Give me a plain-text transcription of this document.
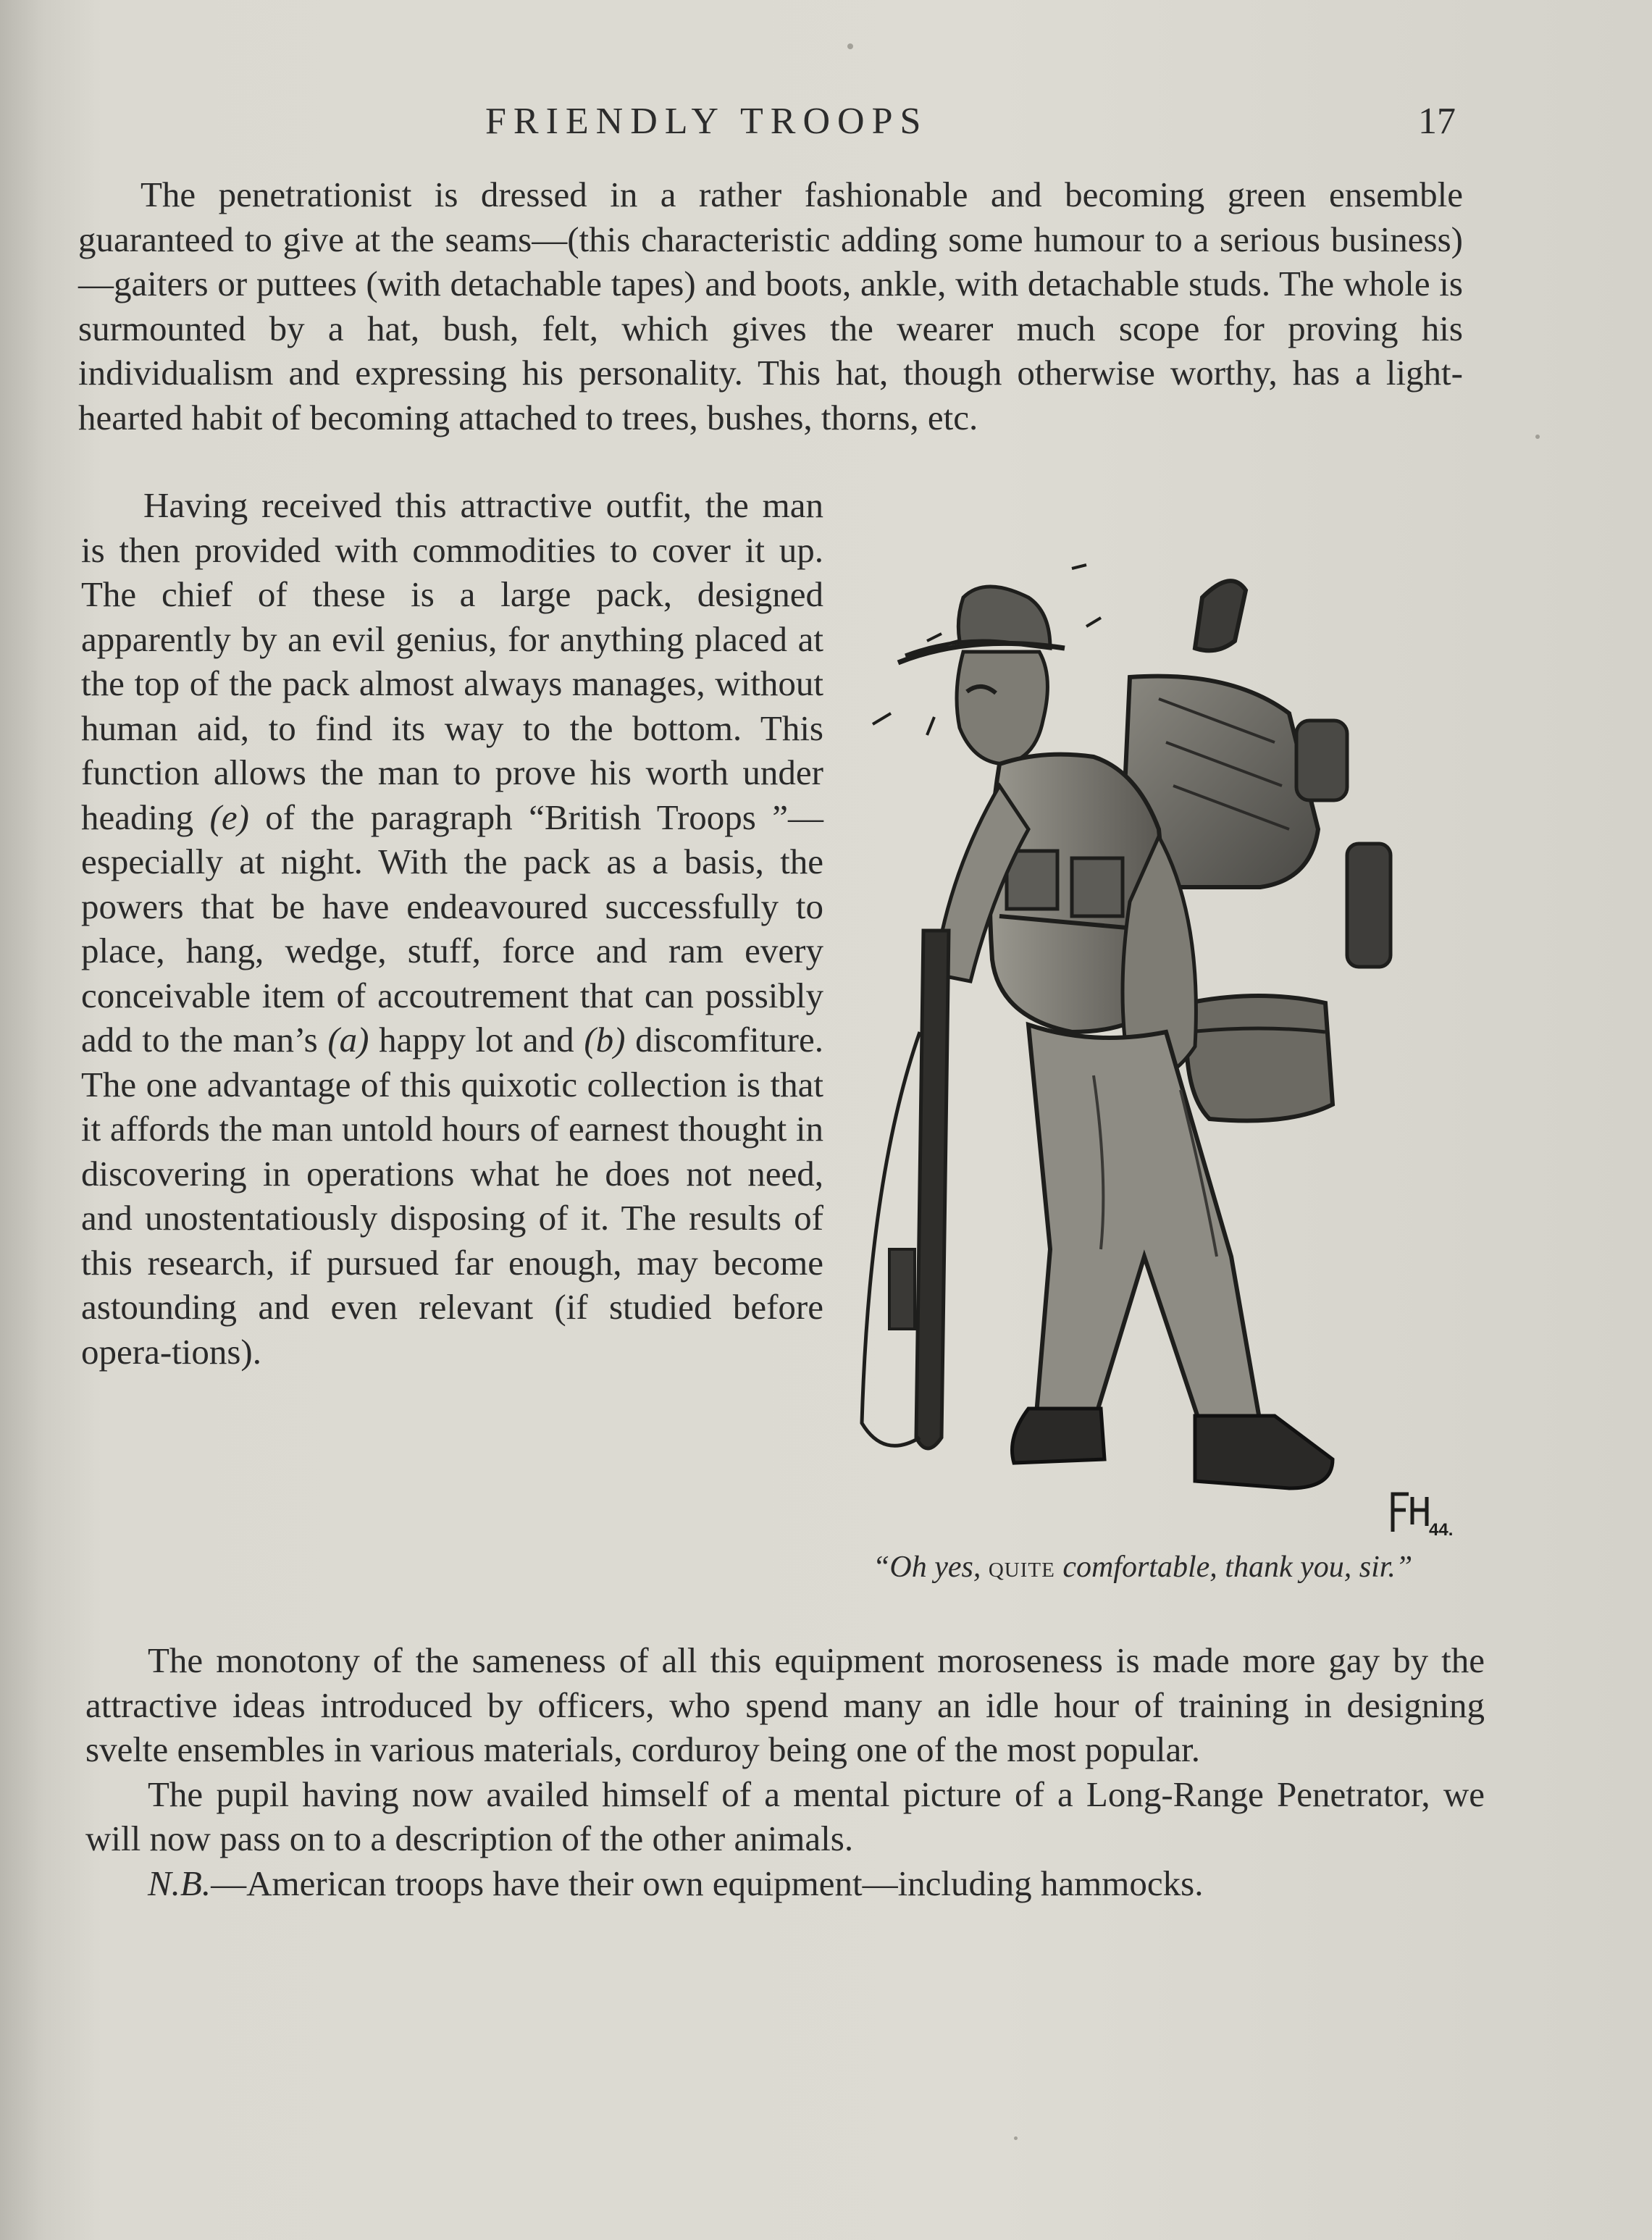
FRIENDLY TROOPS	17

The penetrationist is dressed in a rather fashionable and becoming green ensemble guaranteed to give at the seams—(this characteristic adding some humour to a serious business)—gaiters or puttees (with detachable tapes) and boots, ankle, with detachable studs. The whole is surmounted by a hat, bush, felt, which gives the wearer much scope for proving his individualism and expressing his personality. This hat, though otherwise worthy, has a light-hearted habit of becoming attached to trees, bushes, thorns, etc.

Having received this attractive outfit, the man is then provided with commodities to cover it up. The chief of these is a large pack, designed apparently by an evil genius, for anything placed at the top of the pack almost always manages, without human aid, to find its way to the bottom. This function allows the man to prove his worth under heading (e) of the paragraph “British Troops ”—especially at night. With the pack as a basis, the powers that be have endeavoured successfully to place, hang, wedge, stuff, force and ram every conceivable item of accoutrement that can possibly add to the man’s (a) happy lot and (b) discomfiture. The one advantage of this quixotic collection is that it affords the man untold hours of earnest thought in discovering in operations what he does not need, and unostentatiously disposing of it. The results of this research, if pursued far enough, may become astounding and even relevant (if studied before opera-tions).

44.
“Oh yes, quite comfortable, thank you, sir.”

The monotony of the sameness of all this equipment moroseness is made more gay by the attractive ideas introduced by officers, who spend many an idle hour of training in designing svelte ensembles in various materials, corduroy being one of the most popular.

The pupil having now availed himself of a mental picture of a Long-Range Penetrator, we will now pass on to a description of the other animals.

N.B.—American troops have their own equipment—including hammocks.
